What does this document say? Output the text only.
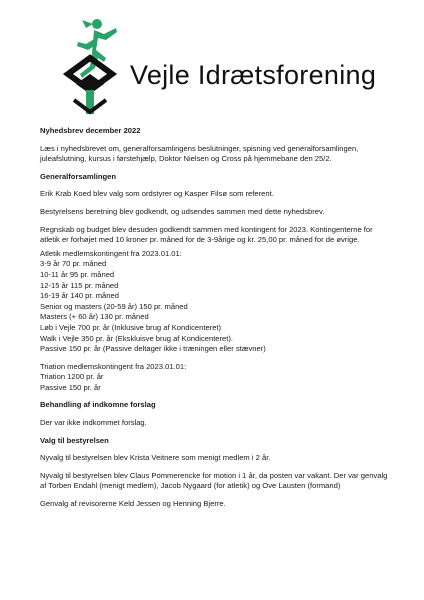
Vejle Idrætsforening

Nyhedsbrev december 2022

Læs i nyhedsbrevet om, generalforsamlingens beslutninger, spisning ved generalforsamlingen, juleafslutning, kursus i førstehjælp, Doktor Nielsen og Cross på hjemmebane den 25/2.

Generalforsamlingen

Erik Krab Koed blev valg som ordstyrer og Kasper Filsø som referent.

Bestyrelsens beretning blev godkendt, og udsendes sammen med dette nyhedsbrev.

Regnskab og budget blev desuden godkendt sammen med kontingent for 2023. Kontingenterne for atletik er forhøjet med 10 kroner pr. måned for de 3-9årige og kr. 25,00 pr. måned for de øvrige.

Atletik medlemskontingent fra 2023.01.01:

3-9 år 70 pr. måned
10-11 år 95 pr. måned
12-15 år 115 pr. måned
16-19 år 140 pr. måned
Senior og masters (20-59 år) 150 pr. måned
Masters (+ 60 år) 130 pr. måned
Løb i Vejle 700 pr. år (Inklusive brug af Kondicenteret)
Walk i Vejle 350 pr. år (Ekskluisve brug af Kondicenteret).
Passive 150 pr. år (Passive deltager ikke i træningen eller stævner)

Triation medlemskontingent fra 2023.01.01:

Triation 1200 pr. år
Passive 150 pr. år

Behandling af indkomne forslag

Der var ikke indkommet forslag.

Valg til bestyrelsen

Nyvalg til bestyrelsen blev Krista Veitnere som menigt medlem i 2 år.

Nyvalg til bestyrelsen blev Claus Pommerencke for motion i 1 år, da posten var vakant. Der var genvalg af Torben Endahl (menigt medlem), Jacob Nygaard (for atletik) og Ove Lausten (formand)

Genvalg af revisorerne Keld Jessen og Henning Bjerre.
